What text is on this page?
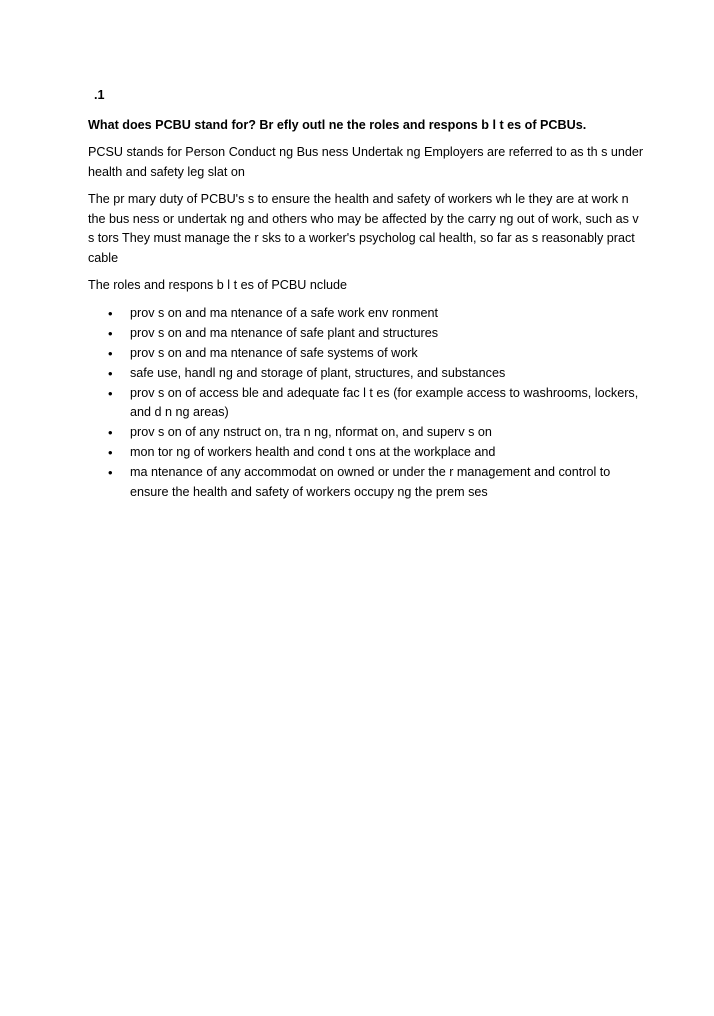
.1
What does PCBU stand for? Br efly outl ne the roles and respons b l t es of PCBUs.

PCSU stands for Person Conduct ng Bus ness Undertak ng Employers are referred to as th s under health and safety leg slat on

The pr mary duty of PCBU's s to ensure the health and safety of workers wh le they are at work n the bus ness or undertak ng and others who may be affected by the carry ng out of work, such as v s tors They must manage the r sks to a worker's psycholog cal health, so far as s reasonably pract cable

The roles and respons b l t es of PCBU nclude

• prov s on and ma ntenance of a safe work env ronment
• prov s on and ma ntenance of safe plant and structures
• prov s on and ma ntenance of safe systems of work
• safe use, handl ng and storage of plant, structures, and substances
• prov s on of access ble and adequate fac l t es (for example access to washrooms, lockers, and d n ng areas)
• prov s on of any nstruct on, tra n ng, nformat on, and superv s on
• mon tor ng of workers health and cond t ons at the workplace and
• ma ntenance of any accommodat on owned or under the r management and control to ensure the health and safety of workers occupy ng the prem ses
